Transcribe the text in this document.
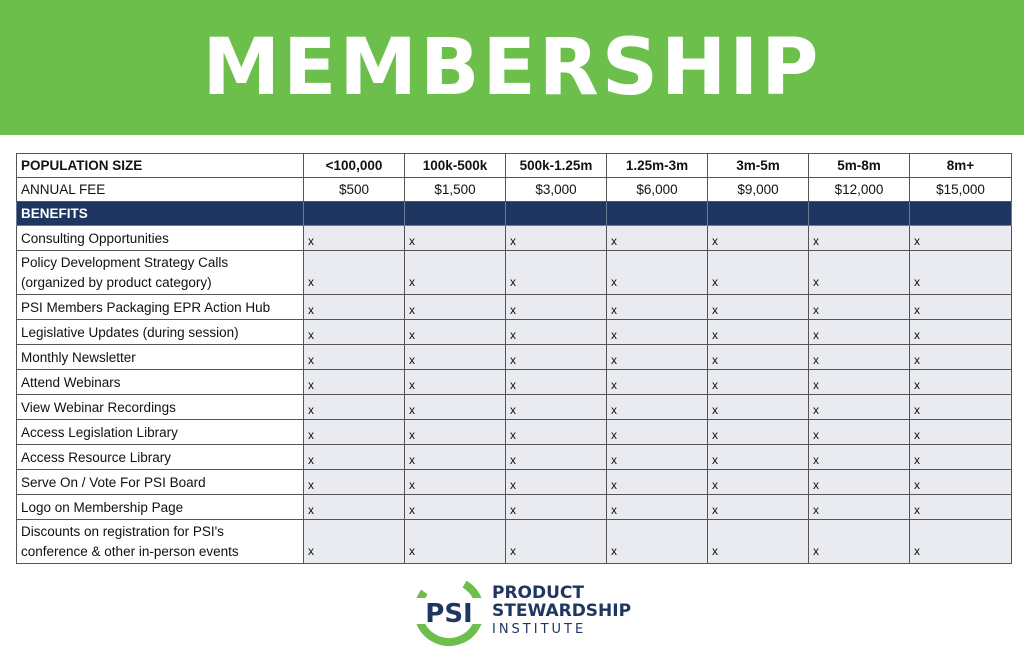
MEMBERSHIP
POPULATION SIZE	<100,000	100k-500k	500k-1.25m	1.25m-3m	3m-5m	5m-8m	8m+
ANNUAL FEE	$500	$1,500	$3,000	$6,000	$9,000	$12,000	$15,000
BENEFITS							
Consulting Opportunities	x	x	x	x	x	x	x
Policy Development Strategy Calls
(organized by product category)	x	x	x	x	x	x	x
PSI Members Packaging EPR Action Hub	x	x	x	x	x	x	x
Legislative Updates (during session)	x	x	x	x	x	x	x
Monthly Newsletter	x	x	x	x	x	x	x
Attend Webinars	x	x	x	x	x	x	x
View Webinar Recordings	x	x	x	x	x	x	x
Access Legislation Library	x	x	x	x	x	x	x
Access Resource Library	x	x	x	x	x	x	x
Serve On / Vote For PSI Board	x	x	x	x	x	x	x
Logo on Membership Page	x	x	x	x	x	x	x
Discounts on registration for PSI's
conference & other in-person events	x	x	x	x	x	x	x
PSI
PRODUCT
STEWARDSHIP
INSTITUTE
